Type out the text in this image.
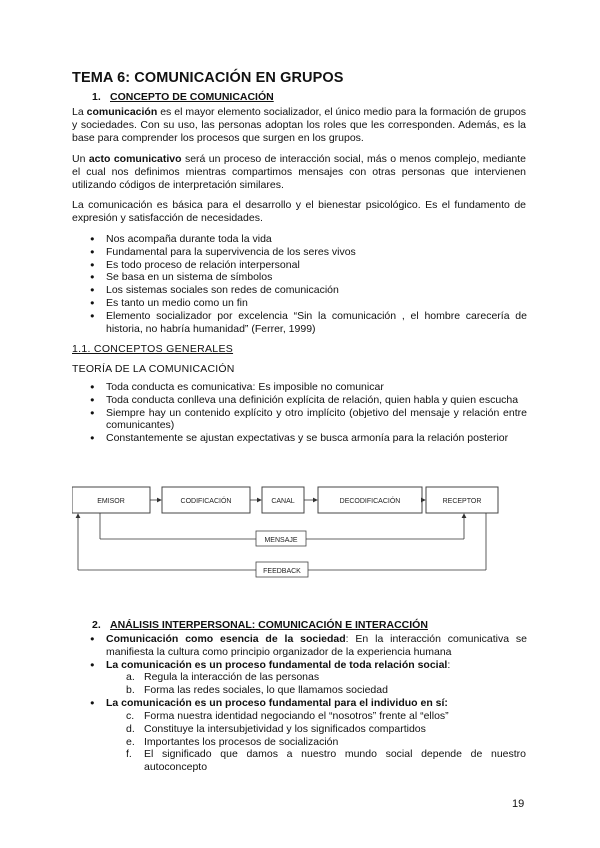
TEMA 6: COMUNICACIÓN EN GRUPOS
1. CONCEPTO DE COMUNICACIÓN

La comunicación es el mayor elemento socializador, el único medio para la formación de grupos y sociedades. Con su uso, las personas adoptan los roles que les corresponden. Además, es la base para comprender los procesos que surgen en los grupos.

Un acto comunicativo será un proceso de interacción social, más o menos complejo, mediante el cual nos definimos mientras compartimos mensajes con otras personas que intervienen utilizando códigos de interpretación similares.

La comunicación es básica para el desarrollo y el bienestar psicológico. Es el fundamento de expresión y satisfacción de necesidades.

● Nos acompaña durante toda la vida
● Fundamental para la supervivencia de los seres vivos
● Es todo proceso de relación interpersonal
● Se basa en un sistema de símbolos
● Los sistemas sociales son redes de comunicación
● Es tanto un medio como un fin
● Elemento socializador por excelencia “Sin la comunicación , el hombre carecería de historia, no habría humanidad” (Ferrer, 1999)
1.1. CONCEPTOS GENERALES
TEORÍA DE LA COMUNICACIÓN
● Toda conducta es comunicativa: Es imposible no comunicar
● Toda conducta conlleva una definición explícita de relación, quien habla y quien escucha
● Siempre hay un contenido explícito y otro implícito (objetivo del mensaje y relación entre comunicantes)
● Constantemente se ajustan expectativas y se busca armonía para la relación posterior
EMISOR	CODIFICACIÓN	CANAL	DECODIFICACIÓN	RECEPTOR
MENSAJE
FEEDBACK
2. ANÁLISIS INTERPERSONAL: COMUNICACIÓN E INTERACCIÓN
● Comunicación como esencia de la sociedad: En la interacción comunicativa se manifiesta la cultura como principio organizador de la experiencia humana
● La comunicación es un proceso fundamental de toda relación social:
a. Regula la interacción de las personas
b. Forma las redes sociales, lo que llamamos sociedad
● La comunicación es un proceso fundamental para el individuo en sí:
c. Forma nuestra identidad negociando el “nosotros” frente al “ellos”
d. Constituye la intersubjetividad y los significados compartidos
e. Importantes los procesos de socialización
f. El significado que damos a nuestro mundo social depende de nuestro autoconcepto
19
